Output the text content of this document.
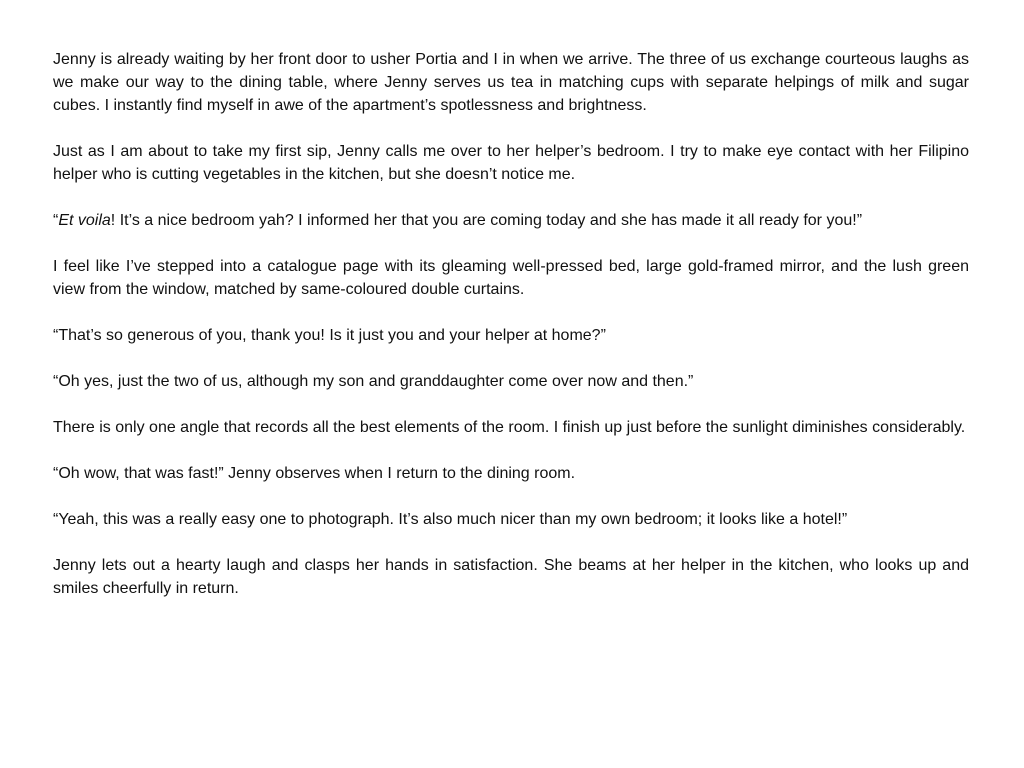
Jenny is already waiting by her front door to usher Portia and I in when we arrive. The three of us exchange courteous laughs as we make our way to the dining table, where Jenny serves us tea in matching cups with separate helpings of milk and sugar cubes. I instantly find myself in awe of the apartment’s spotlessness and brightness.

Just as I am about to take my first sip, Jenny calls me over to her helper’s bedroom. I try to make eye contact with her Filipino helper who is cutting vegetables in the kitchen, but she doesn’t notice me.

“Et voila! It’s a nice bedroom yah? I informed her that you are coming today and she has made it all ready for you!”

I feel like I’ve stepped into a catalogue page with its gleaming well-pressed bed, large gold-framed mirror, and the lush green view from the window, matched by same-coloured double curtains.

“That’s so generous of you, thank you! Is it just you and your helper at home?”

“Oh yes, just the two of us, although my son and granddaughter come over now and then.”

There is only one angle that records all the best elements of the room. I finish up just before the sunlight diminishes considerably.

“Oh wow, that was fast!” Jenny observes when I return to the dining room.

“Yeah, this was a really easy one to photograph. It’s also much nicer than my own bedroom; it looks like a hotel!”

Jenny lets out a hearty laugh and clasps her hands in satisfaction. She beams at her helper in the kitchen, who looks up and smiles cheerfully in return.
